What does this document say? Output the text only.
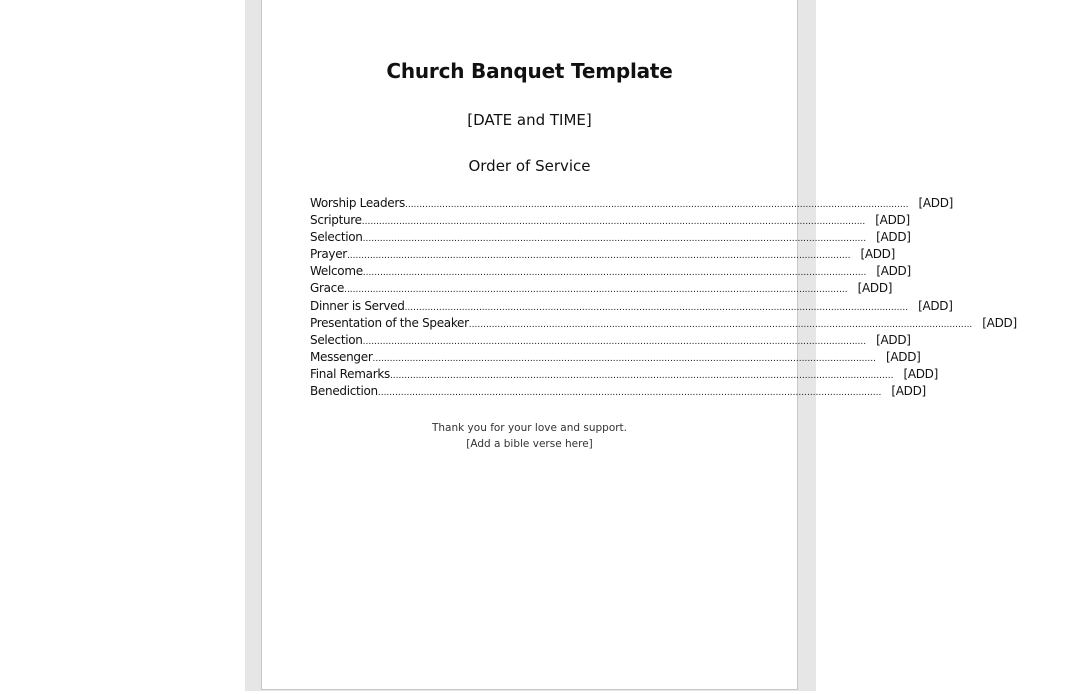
Church Banquet Template
[DATE and TIME]
Order of Service
Worship Leaders .....	[ADD]
Scripture .....	[ADD]
Selection .....	[ADD]
Prayer .....	[ADD]
Welcome .....	[ADD]
Grace .....	[ADD]
Dinner is Served .....	[ADD]
Presentation of the Speaker .....	[ADD]
Selection .....	[ADD]
Messenger .....	[ADD]
Final Remarks .....	[ADD]
Benediction .....	[ADD]
Thank you for your love and support.
[Add a bible verse here]
